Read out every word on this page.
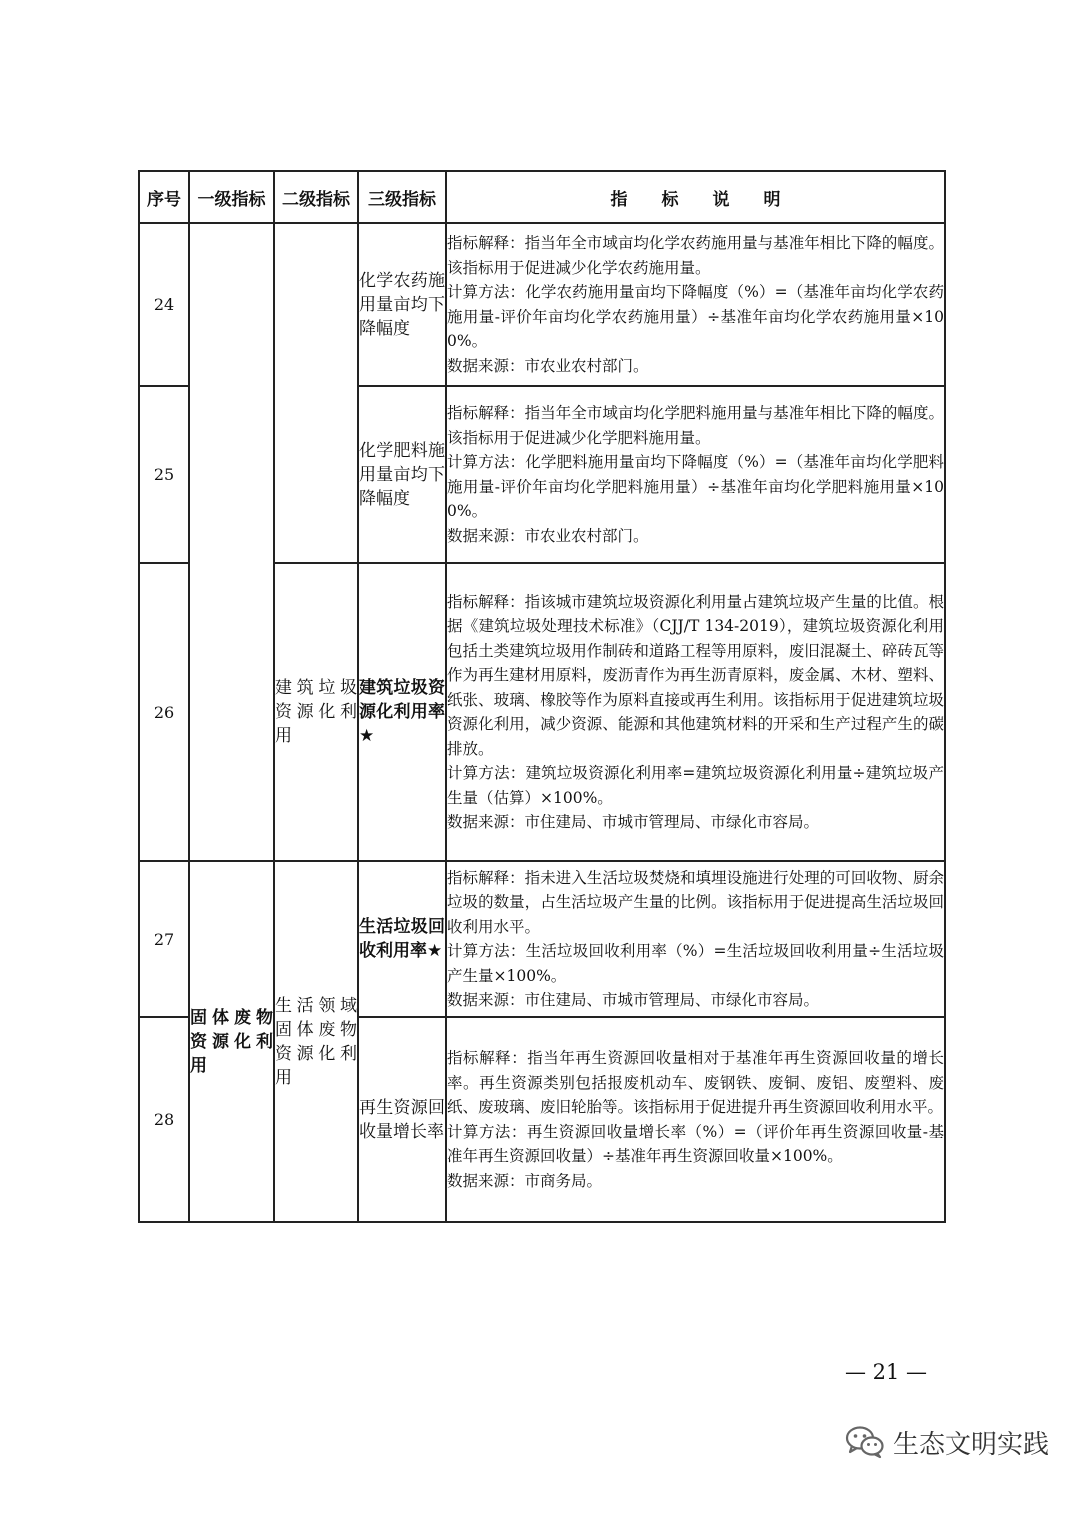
序号	一级指标	二级指标	三级指标	指　　标　　说　　明
24			化学农药施用量亩均下降幅度	指标解释：指当年全市域亩均化学农药施用量与基准年相比下降的幅度。该指标用于促进减少化学农药施用量。
计算方法：化学农药施用量亩均下降幅度（%）=（基准年亩均化学农药施用量-评价年亩均化学农药施用量）÷基准年亩均化学农药施用量×100%。
数据来源：市农业农村部门。

25			化学肥料施用量亩均下降幅度	指标解释：指当年全市域亩均化学肥料施用量与基准年相比下降的幅度。该指标用于促进减少化学肥料施用量。
计算方法：化学肥料施用量亩均下降幅度（%）=（基准年亩均化学肥料施用量-评价年亩均化学肥料施用量）÷基准年亩均化学肥料施用量×100%。
数据来源：市农业农村部门。

26		建筑垃圾资源化利用	建筑垃圾资源化利用率★	指标解释：指该城市建筑垃圾资源化利用量占建筑垃圾产生量的比值。根据《建筑垃圾处理技术标准》（CJJ/T 134-2019），建筑垃圾资源化利用包括土类建筑垃圾用作制砖和道路工程等用原料，废旧混凝土、碎砖瓦等作为再生建材用原料，废沥青作为再生沥青原料，废金属、木材、塑料、纸张、玻璃、橡胶等作为原料直接或再生利用。该指标用于促进建筑垃圾资源化利用，减少资源、能源和其他建筑材料的开采和生产过程产生的碳排放。
计算方法：建筑垃圾资源化利用率=建筑垃圾资源化利用量÷建筑垃圾产生量（估算）×100%。
数据来源：市住建局、市城市管理局、市绿化市容局。

27	固体废物资源化利用	生活领域固体废物资源化利用	生活垃圾回收利用率★	指标解释：指未进入生活垃圾焚烧和填埋设施进行处理的可回收物、厨余垃圾的数量，占生活垃圾产生量的比例。该指标用于促进提高生活垃圾回收利用水平。
计算方法：生活垃圾回收利用率（%）=生活垃圾回收利用量÷生活垃圾产生量×100%。
数据来源：市住建局、市城市管理局、市绿化市容局。

28			再生资源回收量增长率	指标解释：指当年再生资源回收量相对于基准年再生资源回收量的增长率。再生资源类别包括报废机动车、废钢铁、废铜、废铝、废塑料、废纸、废玻璃、废旧轮胎等。该指标用于促进提升再生资源回收利用水平。
计算方法：再生资源回收量增长率（%）=（评价年再生资源回收量-基准年再生资源回收量）÷基准年再生资源回收量×100%。
数据来源：市商务局。
— 21 —
生态文明实践
